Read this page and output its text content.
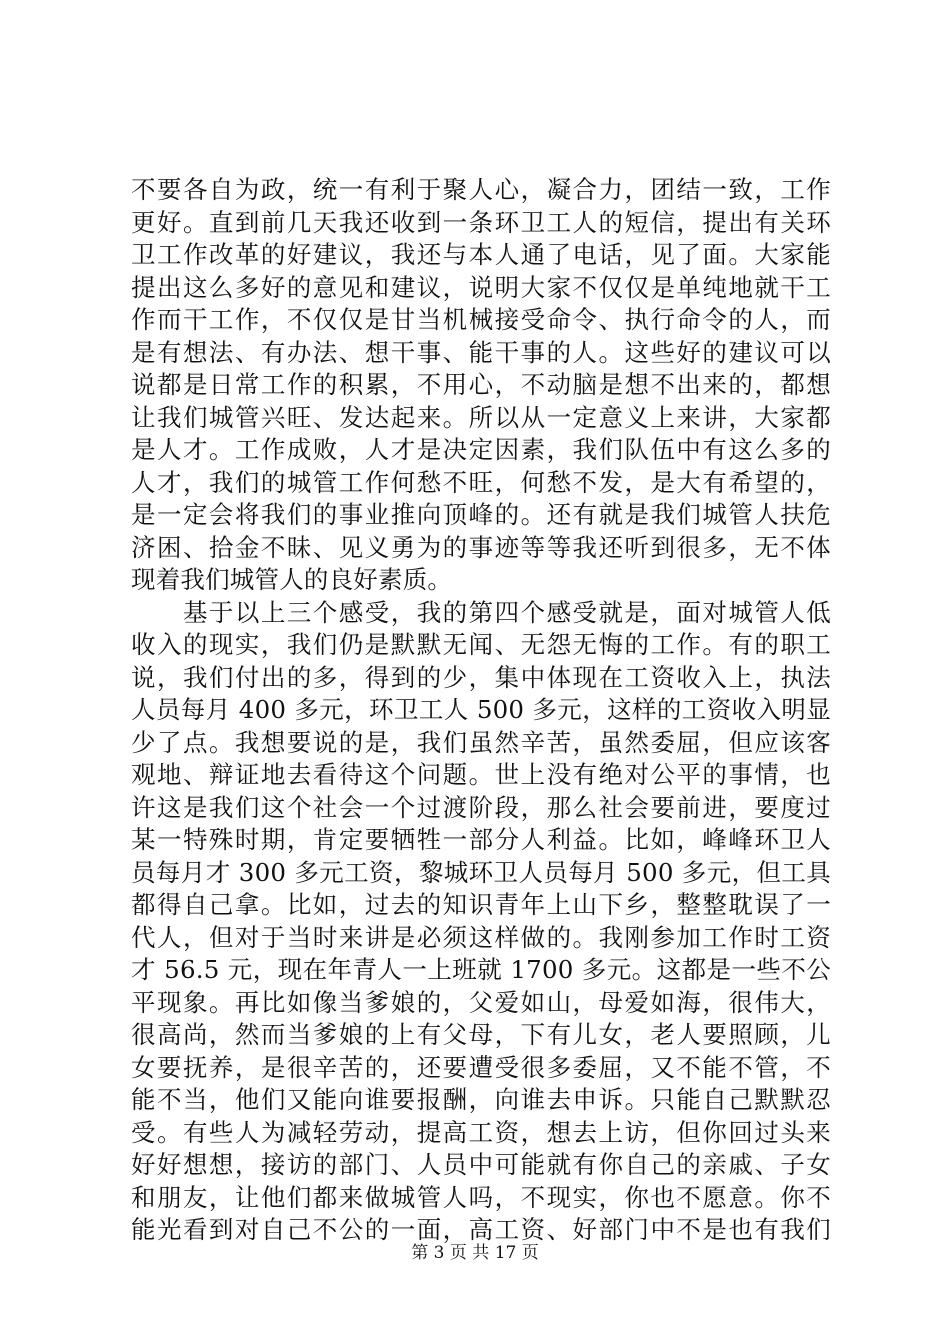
不要各自为政，统一有利于聚人心，凝合力，团结一致，工作
更好。直到前几天我还收到一条环卫工人的短信，提出有关环
卫工作改革的好建议，我还与本人通了电话，见了面。大家能
提出这么多好的意见和建议，说明大家不仅仅是单纯地就干工
作而干工作，不仅仅是甘当机械接受命令、执行命令的人，而
是有想法、有办法、想干事、能干事的人。这些好的建议可以
说都是日常工作的积累，不用心，不动脑是想不出来的，都想
让我们城管兴旺、发达起来。所以从一定意义上来讲，大家都
是人才。工作成败，人才是决定因素，我们队伍中有这么多的
人才，我们的城管工作何愁不旺，何愁不发，是大有希望的，
是一定会将我们的事业推向顶峰的。还有就是我们城管人扶危
济困、拾金不昧、见义勇为的事迹等等我还听到很多，无不体
现着我们城管人的良好素质。
　　基于以上三个感受，我的第四个感受就是，面对城管人低
收入的现实，我们仍是默默无闻、无怨无悔的工作。有的职工
说，我们付出的多，得到的少，集中体现在工资收入上，执法
人员每月 400 多元，环卫工人 500 多元，这样的工资收入明显
少了点。我想要说的是，我们虽然辛苦，虽然委屈，但应该客
观地、辩证地去看待这个问题。世上没有绝对公平的事情，也
许这是我们这个社会一个过渡阶段，那么社会要前进，要度过
某一特殊时期，肯定要牺牲一部分人利益。比如，峰峰环卫人
员每月才 300 多元工资，黎城环卫人员每月 500 多元，但工具
都得自己拿。比如，过去的知识青年上山下乡，整整耽误了一
代人，但对于当时来讲是必须这样做的。我刚参加工作时工资
才 56.5 元，现在年青人一上班就 1700 多元。这都是一些不公
平现象。再比如像当爹娘的，父爱如山，母爱如海，很伟大，
很高尚，然而当爹娘的上有父母，下有儿女，老人要照顾，儿
女要抚养，是很辛苦的，还要遭受很多委屈，又不能不管，不
能不当，他们又能向谁要报酬，向谁去申诉。只能自己默默忍
受。有些人为减轻劳动，提高工资，想去上访，但你回过头来
好好想想，接访的部门、人员中可能就有你自己的亲戚、子女
和朋友，让他们都来做城管人吗，不现实，你也不愿意。你不
能光看到对自己不公的一面，高工资、好部门中不是也有我们
第 3 页 共 17 页
